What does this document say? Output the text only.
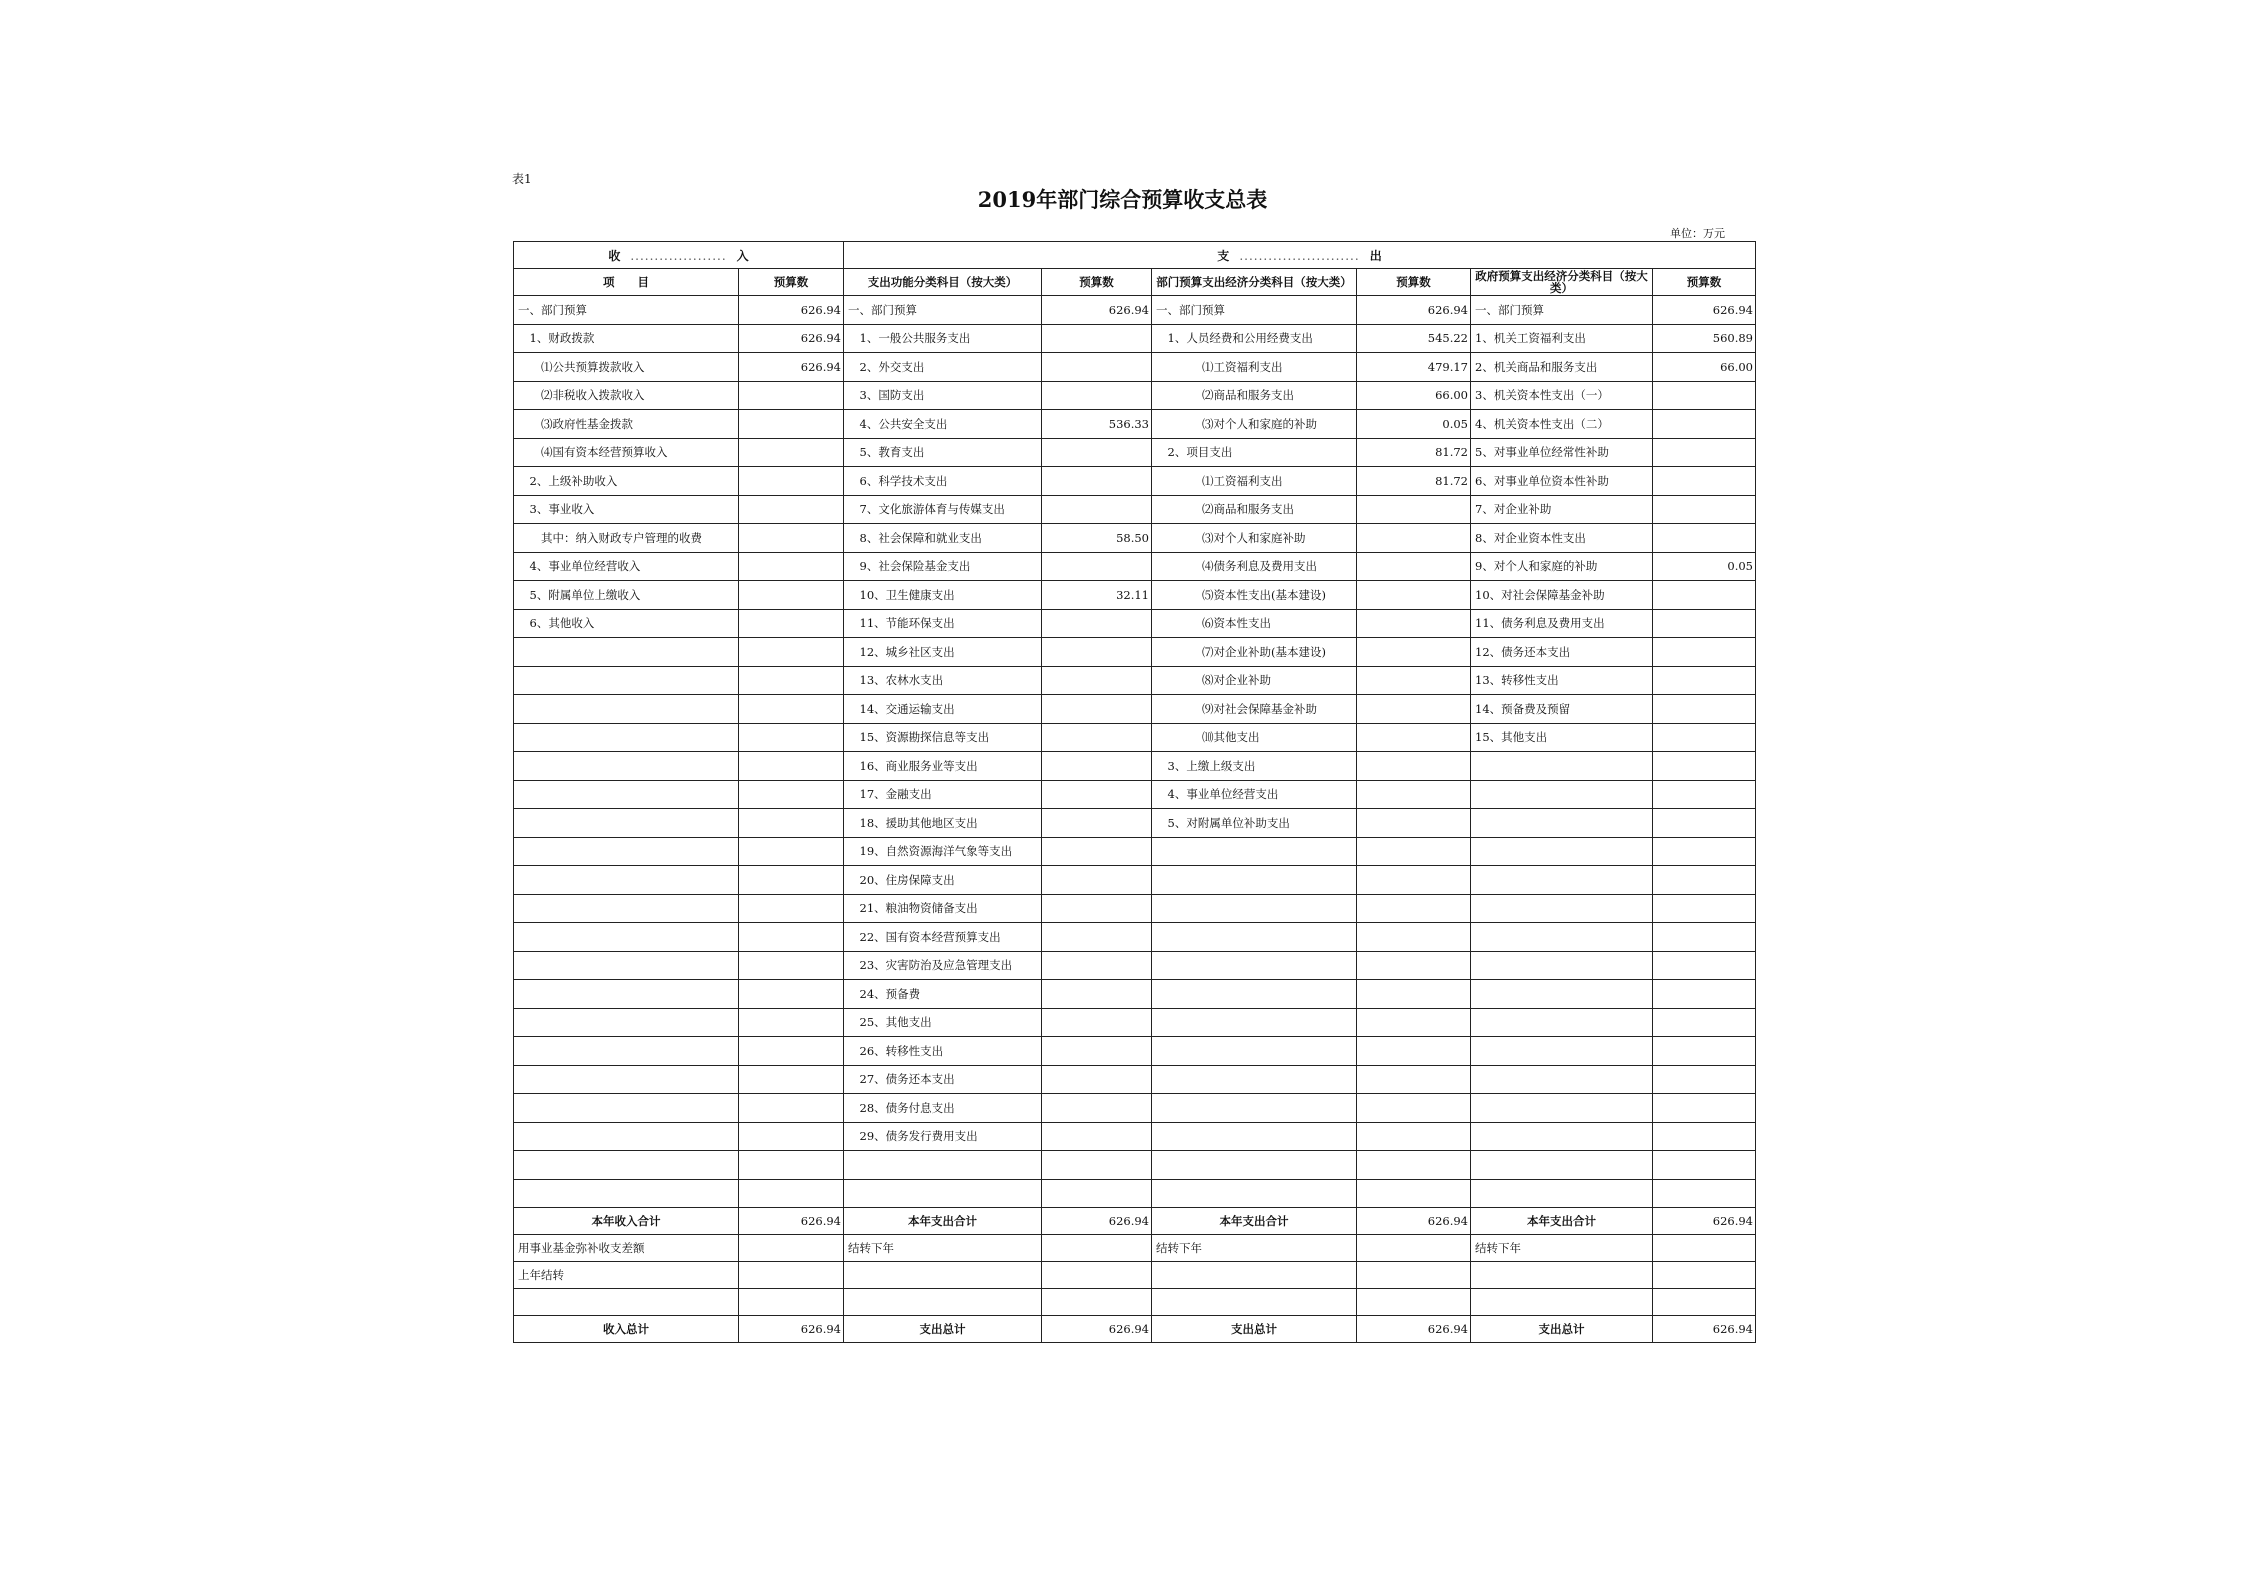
表1
2019年部门综合预算收支总表
单位：万元
收 .................... 入		支 ......................... 出					
项　　目	预算数	支出功能分类科目（按大类）	预算数	部门预算支出经济分类科目（按大类）	预算数	政府预算支出经济分类科目（按大类）	预算数
一、部门预算	626.94	一、部门预算	626.94	一、部门预算	626.94	一、部门预算	626.94
　1、财政拨款	626.94	　1、一般公共服务支出		　1、人员经费和公用经费支出	545.22	1、机关工资福利支出	560.89
　　⑴公共预算拨款收入	626.94	　2、外交支出		　　　　⑴工资福利支出	479.17	2、机关商品和服务支出	66.00
　　⑵非税收入拨款收入		　3、国防支出		　　　　⑵商品和服务支出	66.00	3、机关资本性支出（一）	
　　⑶政府性基金拨款		　4、公共安全支出	536.33	　　　　⑶对个人和家庭的补助	0.05	4、机关资本性支出（二）	
　　⑷国有资本经营预算收入		　5、教育支出		　2、项目支出	81.72	5、对事业单位经常性补助	
　2、上级补助收入		　6、科学技术支出		　　　　⑴工资福利支出	81.72	6、对事业单位资本性补助	
　3、事业收入		　7、文化旅游体育与传媒支出		　　　　⑵商品和服务支出		7、对企业补助	
　　其中：纳入财政专户管理的收费		　8、社会保障和就业支出	58.50	　　　　⑶对个人和家庭补助		8、对企业资本性支出	
　4、事业单位经营收入		　9、社会保险基金支出		　　　　⑷债务利息及费用支出		9、对个人和家庭的补助	0.05
　5、附属单位上缴收入		　10、卫生健康支出	32.11	　　　　⑸资本性支出(基本建设)		10、对社会保障基金补助	
　6、其他收入		　11、节能环保支出		　　　　⑹资本性支出		11、债务利息及费用支出	
		　12、城乡社区支出		　　　　⑺对企业补助(基本建设)		12、债务还本支出	
		　13、农林水支出		　　　　⑻对企业补助		13、转移性支出	
		　14、交通运输支出		　　　　⑼对社会保障基金补助		14、预备费及预留	
		　15、资源勘探信息等支出		　　　　⑽其他支出		15、其他支出	
		　16、商业服务业等支出		　3、上缴上级支出			
		　17、金融支出		　4、事业单位经营支出			
		　18、援助其他地区支出		　5、对附属单位补助支出			
		　19、自然资源海洋气象等支出					
		　20、住房保障支出					
		　21、粮油物资储备支出					
		　22、国有资本经营预算支出					
		　23、灾害防治及应急管理支出					
		　24、预备费					
		　25、其他支出					
		　26、转移性支出					
		　27、债务还本支出					
		　28、债务付息支出					
		　29、债务发行费用支出					

本年收入合计	626.94	本年支出合计	626.94	本年支出合计	626.94	本年支出合计	626.94
用事业基金弥补收支差额		结转下年		结转下年		结转下年	
上年结转							

收入总计	626.94	支出总计	626.94	支出总计	626.94	支出总计	626.94
